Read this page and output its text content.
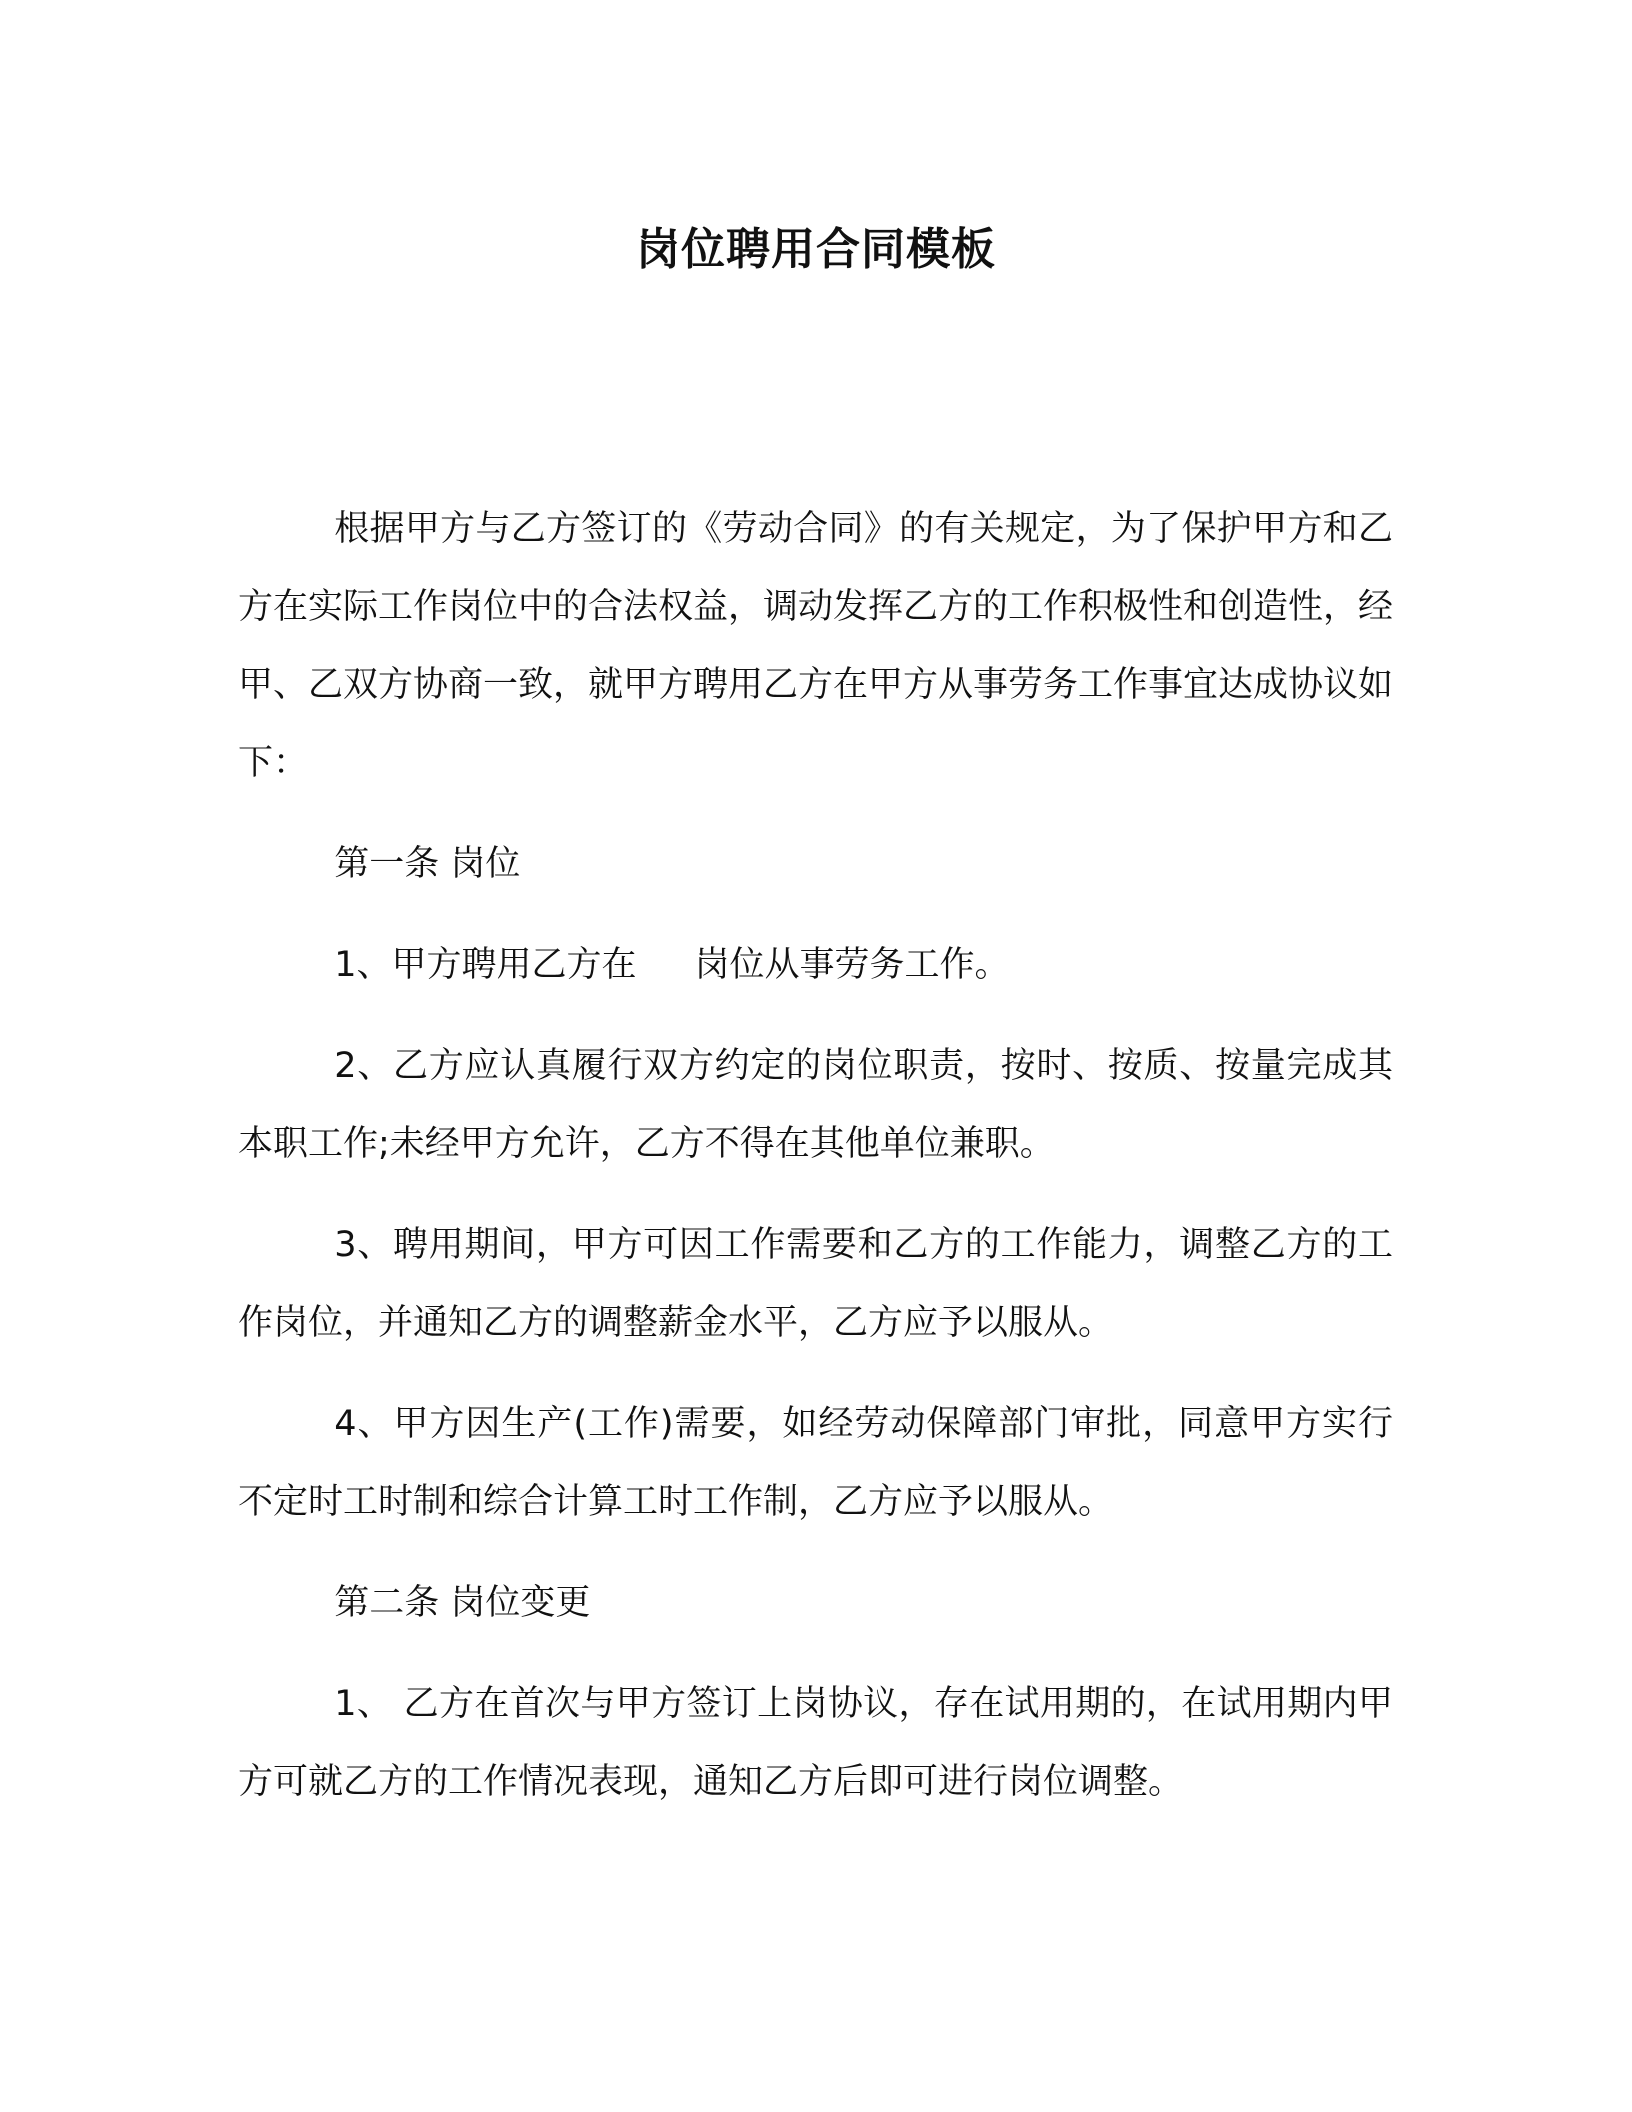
岗位聘用合同模板

根据甲方与乙方签订的《劳动合同》的有关规定，为了保护甲方和乙方在实际工作岗位中的合法权益，调动发挥乙方的工作积极性和创造性，经甲、乙双方协商一致，就甲方聘用乙方在甲方从事劳务工作事宜达成协议如下：

第一条 岗位

1、甲方聘用乙方在 岗位从事劳务工作。

2、乙方应认真履行双方约定的岗位职责，按时、按质、按量完成其本职工作;未经甲方允许，乙方不得在其他单位兼职。

3、聘用期间，甲方可因工作需要和乙方的工作能力，调整乙方的工作岗位，并通知乙方的调整薪金水平，乙方应予以服从。

4、甲方因生产(工作)需要，如经劳动保障部门审批，同意甲方实行不定时工时制和综合计算工时工作制，乙方应予以服从。

第二条 岗位变更

1、 乙方在首次与甲方签订上岗协议，存在试用期的，在试用期内甲方可就乙方的工作情况表现，通知乙方后即可进行岗位调整。
